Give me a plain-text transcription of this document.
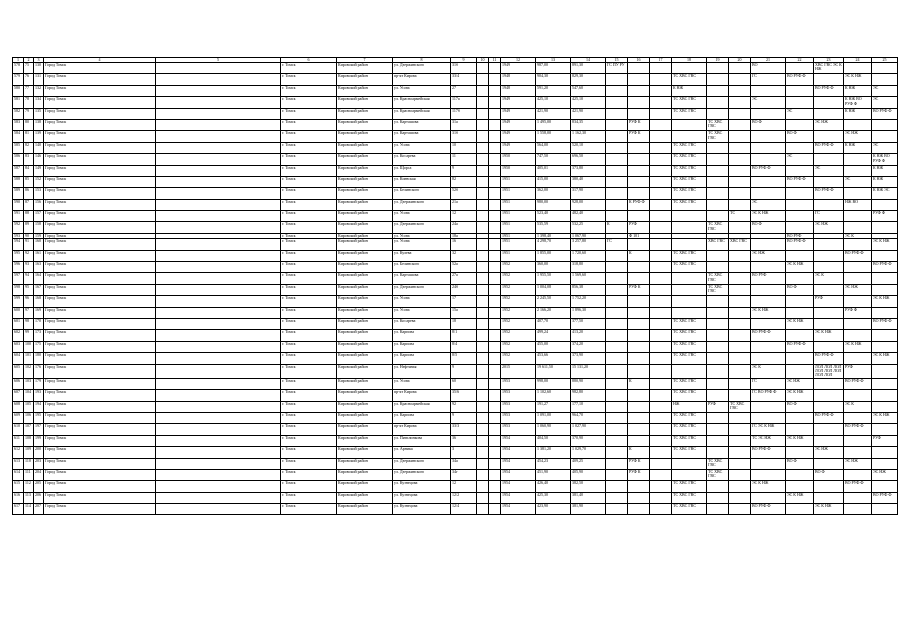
1	2	3	4	5	6	7	8	9	10	11	12	13	14	15	16	17	18	19	20	21	22	23	24	25
578	75	130	Город Томск		г. Томск	Кировский район	ул. Дзержинского	31б			1949	987,00	891,30	ГС ПУ РУ						ВО		ХВС ГВС ЭС К НЖ		
579	76	131	Город Томск		г. Томск	Кировский район	пр-кт Кирова	33/4			1948	904,30	829,30				ТС ХВС ГВС			ГС	ВО РУФ Ф		ЭС К НЖ	
580	77	132	Город Томск		г. Томск	Кировский район	ул. Усова	27			1948	591,20	547,60				К НЖ					ВО РУФ Ф	К НЖ	ЭС
581	78	134	Город Томск		г. Томск	Кировский район	ул. Красноармейская	117а			1949	425,10	425,10				ТС ХВС ГВС			ЭС			К НЖ ВО РУФ Ф	ЭС
582	79	135	Город Томск		г. Томск	Кировский район	ул. Красноармейская	117б			1949	421,90	421,90				ТС ХВС ГВС				ЭС		К НЖ	ВО РУФ Ф
583	80	138	Город Томск		г. Томск	Кировский район	ул. Карташова	31а			1949	1 495,00	834,35		РУФ К			ТС ХВС ГВС		ВО Ф		ЭС НЖ		
584	81	139	Город Томск		г. Томск	Кировский район	ул. Карташова	31б			1949	1 558,00	1 162,30		РУФ К			ТС ХВС ГВС			ВО Ф		ЭС НЖ	
585	82	140	Город Томск		г. Томск	Кировский район	ул. Усова	10			1949	564,00	520,10				ТС ХВС ГВС					ВО РУФ Ф	К НЖ	ЭС
586	83	146	Город Томск		г. Томск	Кировский район	ул. Косарева	11			1950	747,50	696,50				ТС ХВС ГВС				ЭС			К НЖ ВО РУФ Ф
587	84	149	Город Томск		г. Томск	Кировский район	ул. Щорса	9			1950	405,01	373,80				ТС ХВС ГВС			ВО РУФ Ф		ЭС		К НЖ
588	85	152	Город Томск		г. Томск	Кировский район	ул. Киевская	82			1951	415,00	380,40				ТС ХВС ГВС				ВО РУФ Ф		ЭС	К НЖ
589	86	153	Город Томск		г. Томск	Кировский район	ул. Белинского	52б			1951	362,00	317,90				ТС ХВС ГВС					ВО РУФ Ф		К НЖ ЭС
590	87	156	Город Томск		г. Томск	Кировский район	ул. Дзержинского	21а			1951	980,00	928,00		К РУФ Ф		ТС ХВС ГВС			ЭС			НЖ ВО	
591	88	157	Город Томск		г. Томск	Кировский район	ул. Усова	12			1951	523,40	482,40						ТС	ЭС К НЖ		ГС		РУФ Ф
592	89	158	Город Томск		г. Томск	Кировский район	ул. Дзержинского	24а			1951	535,59	532,25	К	РУФ			ТС ХВС ГВС		ВО Ф		ЭС НЖ		
593	90	159	Город Томск		г. Томск	Кировский район	ул. Усова	18а			1951	1 398,40	1 067,90		Ф 101						ВО РУФ		ЭС К	
594	91	160	Город Томск		г. Томск	Кировский район	ул. Усова	16			1951	4 298,70	3 257,80	ГС				ХВС ГВС	ХВС ГВС		ВО РУФ Ф			ЭС К НЖ
595	92	161	Город Томск		г. Томск	Кировский район	ул. Кулева	32			1951	1 855,00	1 720,60		К		ТС ХВС ГВС			ЭС НЖ			ВО РУФ Ф	
596	93	163	Город Томск		г. Томск	Кировский район	ул. Белинского	52а			1952	360,00	318,80				ТС ХВС ГВС				ЭС К НЖ			ВО РУФ Ф
597	94	164	Город Томск		г. Томск	Кировский район	ул. Карташова	27а			1952	1 955,50	1 569,60					ТС ХВС ГВС		ВО РУФ		ЭС К		
598	95	167	Город Томск		г. Томск	Кировский район	ул. Дзержинского	24б			1952	1 004,08	856,38		РУФ К			ТС ХВС ГВС			ВО Ф		ЭС НЖ	
599	96	168	Город Томск		г. Томск	Кировский район	ул. Усова	17			1952	2 245,50	1 752,20									РУФ		ЭС К НЖ
600	97	169	Город Томск		г. Томск	Кировский район	ул. Усова	15а			1952	2 166,20	1 896,30							ЭС К НЖ			РУФ Ф	
601	98	170	Город Томск		г. Томск	Кировский район	ул. Косарева	18			1952	407,70	377,50				ТС ХВС ГВС				ЭС К НЖ			ВО РУФ Ф
602	99	173	Город Томск		г. Томск	Кировский район	ул. Карпова	8/1			1952	499,24	413,20				ТС ХВС ГВС			ВО РУФ Ф		ЭС К НЖ		
603	100	175	Город Томск		г. Томск	Кировский район	ул. Карпова	8/4			1952	455,00	374,20				ТС ХВС ГВС				ВО РУФ Ф		ЭС К НЖ	
604	101	180	Город Томск		г. Томск	Кировский район	ул. Карпова	8/5			1952	453,66	373,90				ТС ХВС ГВС					ВО РУФ Ф		ЭС К НЖ
605	102	176	Город Томск		г. Томск	Кировский район	ул. Нефтяная	9			2015	19 611,50	15 131,20							ЭС К		ЛОЛ ЛОЛ ЛОЛ ЛОЛ ЛОЛ ЛОЛ ЛОЛ ЛОЛ	РУФ	
606	103	179	Город Томск		г. Томск	Кировский район	ул. Усова	60			1953	998,00	880,90		К		ТС ХВС ГВС			ГС	ЭС НЖ		ВО РУФ Ф	
607	104	193	Город Томск		г. Томск	Кировский район	пр-кт Кирова	35/6			1953	1 102,60	982,80				ТС ХВС ГВС			ГС ВО РУФ Ф	ЭС К НЖ			
608	105	194	Город Томск		г. Томск	Кировский район	ул. Красноармейская	92			1953	191,27	177,10				НЖ	РУФ	ТС ХВС ГВС		ВО Ф		ЭС К	
609	106	195	Город Томск		г. Томск	Кировский район	ул. Карпова	9			1953	1 091,00	964,70				ТС ХВС ГВС					ВО РУФ Ф		ЭС К НЖ
610	107	197	Город Томск		г. Томск	Кировский район	пр-кт Кирова	33/3			1953	1 060,90	1 027,90				ТС ХВС ГВС			ГС ЭС К НЖ			ВО РУФ Ф	
611	108	199	Город Томск		г. Томск	Кировский район	ул. Пятилинкова	36			1954	404,50	370,90				ТС ХВС ГВС			ТС ЭС НЖ	ЭС К НЖ			РУФ
612	109	200	Город Томск		г. Томск	Кировский район	ул. Арника	3			1954	1 381,20	1 029,70		К		ТС ХВС ГВС			ВО РУФ Ф		ЭС НЖ		
613	110	203	Город Томск		г. Томск	Кировский район	ул. Дзержинского	34а			1954	454,23	409,25		РУФ К			ТС ХВС ГВС			ВО Ф		ЭС НЖ	
614	111	204	Город Томск		г. Томск	Кировский район	ул. Дзержинского	34г			1954	451,90	405,90		РУФ К			ТС ХВС ГВС				ВО Ф		ЭС НЖ
615	112	205	Город Томск		г. Томск	Кировский район	ул. Кузнецова	12			1954	426,40	382,50				ТС ХВС ГВС			ЭС К НЖ			ВО РУФ Ф	
616	113	206	Город Томск		г. Томск	Кировский район	ул. Кузнецова	12/2			1954	425,30	381,40				ТС ХВС ГВС				ЭС К НЖ			ВО РУФ Ф
617	114	207	Город Томск		г. Томск	Кировский район	ул. Кузнецова	12/4			1954	423,90	381,90				ТС ХВС ГВС			ВО РУФ Ф		ЭС К НЖ		
